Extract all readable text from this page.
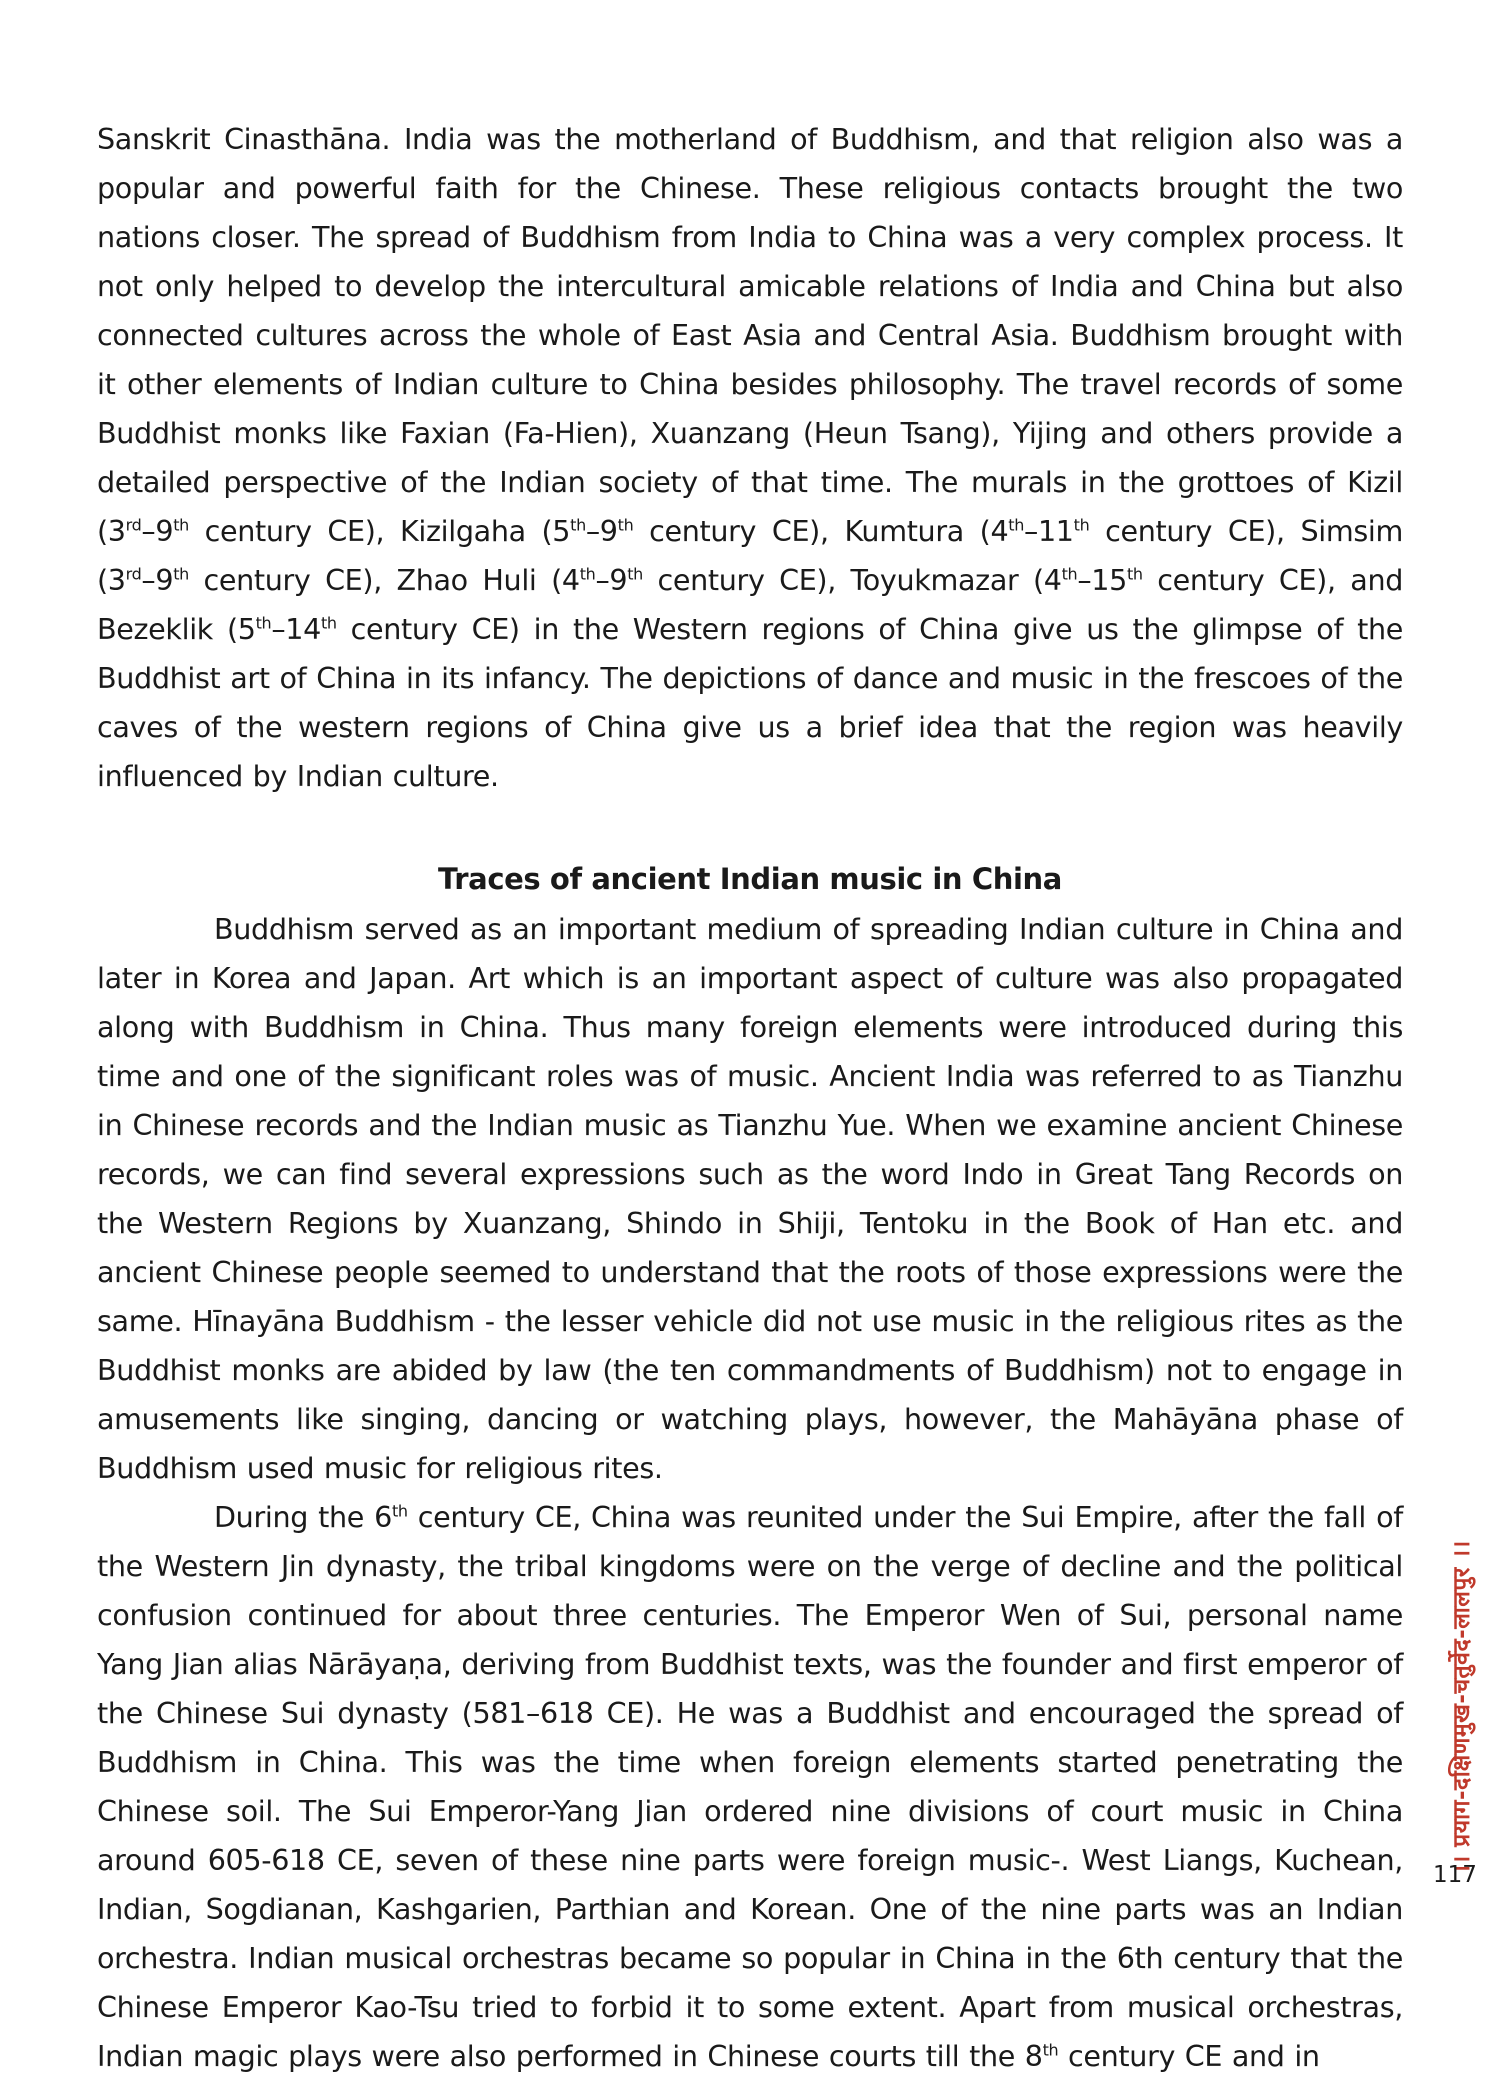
Sanskrit Cinasthāna. India was the motherland of Buddhism, and that religion also was a popular and powerful faith for the Chinese. These religious contacts brought the two nations closer. The spread of Buddhism from India to China was a very complex process. It not only helped to develop the intercultural amicable relations of India and China but also connected cultures across the whole of East Asia and Central Asia. Buddhism brought with it other elements of Indian culture to China besides philosophy. The travel records of some Buddhist monks like Faxian (Fa-Hien), Xuanzang (Heun Tsang), Yijing and others provide a detailed perspective of the Indian society of that time. The murals in the grottoes of Kizil (3rd–9th century CE), Kizilgaha (5th–9th century CE), Kumtura (4th–11th century CE), Simsim (3rd–9th century CE), Zhao Huli (4th–9th century CE), Toyukmazar (4th–15th century CE), and Bezeklik (5th–14th century CE) in the Western regions of China give us the glimpse of the Buddhist art of China in its infancy. The depictions of dance and music in the frescoes of the caves of the western regions of China give us a brief idea that the region was heavily influenced by Indian culture.

Traces of ancient Indian music in China

Buddhism served as an important medium of spreading Indian culture in China and later in Korea and Japan. Art which is an important aspect of culture was also propagated along with Buddhism in China. Thus many foreign elements were introduced during this time and one of the significant roles was of music. Ancient India was referred to as Tianzhu in Chinese records and the Indian music as Tianzhu Yue. When we examine ancient Chinese records, we can find several expressions such as the word Indo in Great Tang Records on the Western Regions by Xuanzang, Shindo in Shiji, Tentoku in the Book of Han etc. and ancient Chinese people seemed to understand that the roots of those expressions were the same. Hīnayāna Buddhism - the lesser vehicle did not use music in the religious rites as the Buddhist monks are abided by law (the ten commandments of Buddhism) not to engage in amusements like singing, dancing or watching plays, however, the Mahāyāna phase of Buddhism used music for religious rites.

During the 6th century CE, China was reunited under the Sui Empire, after the fall of the Western Jin dynasty, the tribal kingdoms were on the verge of decline and the political confusion continued for about three centuries. The Emperor Wen of Sui, personal name Yang Jian alias Nārāyaṇa, deriving from Buddhist texts, was the founder and first emperor of the Chinese Sui dynasty (581–618 CE). He was a Buddhist and encouraged the spread of Buddhism in China. This was the time when foreign elements started penetrating the Chinese soil. The Sui Emperor-Yang Jian ordered nine divisions of court music in China around 605-618 CE, seven of these nine parts were foreign music-. West Liangs, Kuchean, Indian, Sogdianan, Kashgarien, Parthian and Korean. One of the nine parts was an Indian orchestra. Indian musical orchestras became so popular in China in the 6th century that the Chinese Emperor Kao-Tsu tried to forbid it to some extent. Apart from musical orchestras, Indian magic plays were also performed in Chinese courts till the 8th century CE and in

।। प्रयाग-दक्षिणमुख-चतुर्वेद-लालपुर ।।
117
